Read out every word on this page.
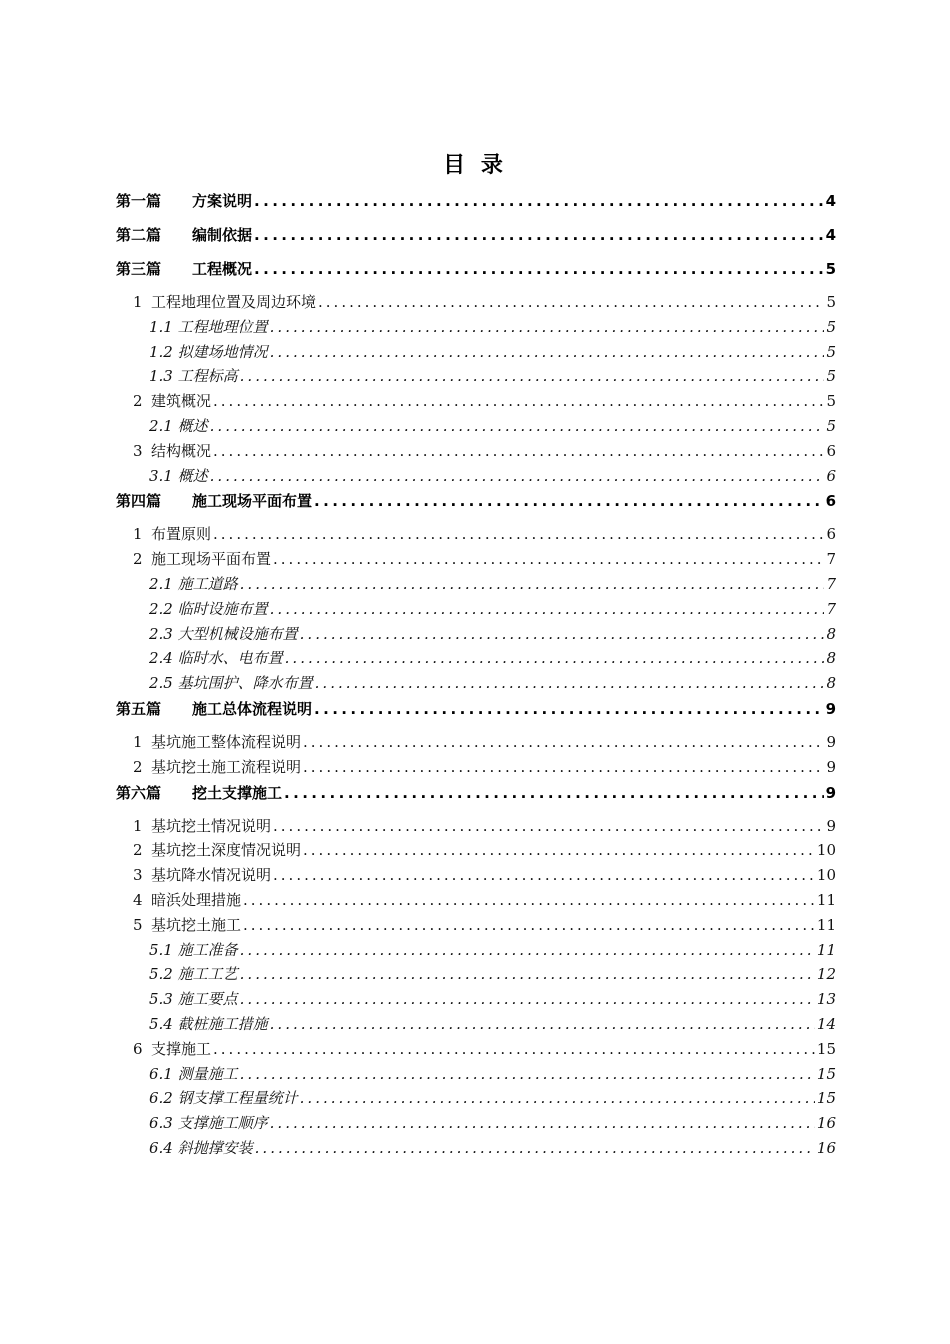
目 录
第一篇 方案说明 .....	4
第二篇 编制依据 .....	4
第三篇 工程概况 .....	5
1 工程地理位置及周边环境 .....	5
1.1 工程地理位置 .....	5
1.2 拟建场地情况 .....	5
1.3 工程标高 .....	5
2 建筑概况 .....	5
2.1 概述 .....	5
3 结构概况 .....	6
3.1 概述 .....	6
第四篇 施工现场平面布置 .....	6
1 布置原则 .....	6
2 施工现场平面布置 .....	7
2.1 施工道路 .....	7
2.2 临时设施布置 .....	7
2.3 大型机械设施布置 .....	8
2.4 临时水、电布置 .....	8
2.5 基坑围护、降水布置 .....	8
第五篇 施工总体流程说明 .....	9
1 基坑施工整体流程说明 .....	9
2 基坑挖土施工流程说明 .....	9
第六篇 挖土支撑施工 .....	9
1 基坑挖土情况说明 .....	9
2 基坑挖土深度情况说明 .....	10
3 基坑降水情况说明 .....	10
4 暗浜处理措施 .....	11
5 基坑挖土施工 .....	11
5.1 施工准备 .....	11
5.2 施工工艺 .....	12
5.3 施工要点 .....	13
5.4 截桩施工措施 .....	14
6 支撑施工 .....	15
6.1 测量施工 .....	15
6.2 钢支撑工程量统计 .....	15
6.3 支撑施工顺序 .....	16
6.4 斜抛撑安装 .....	16
